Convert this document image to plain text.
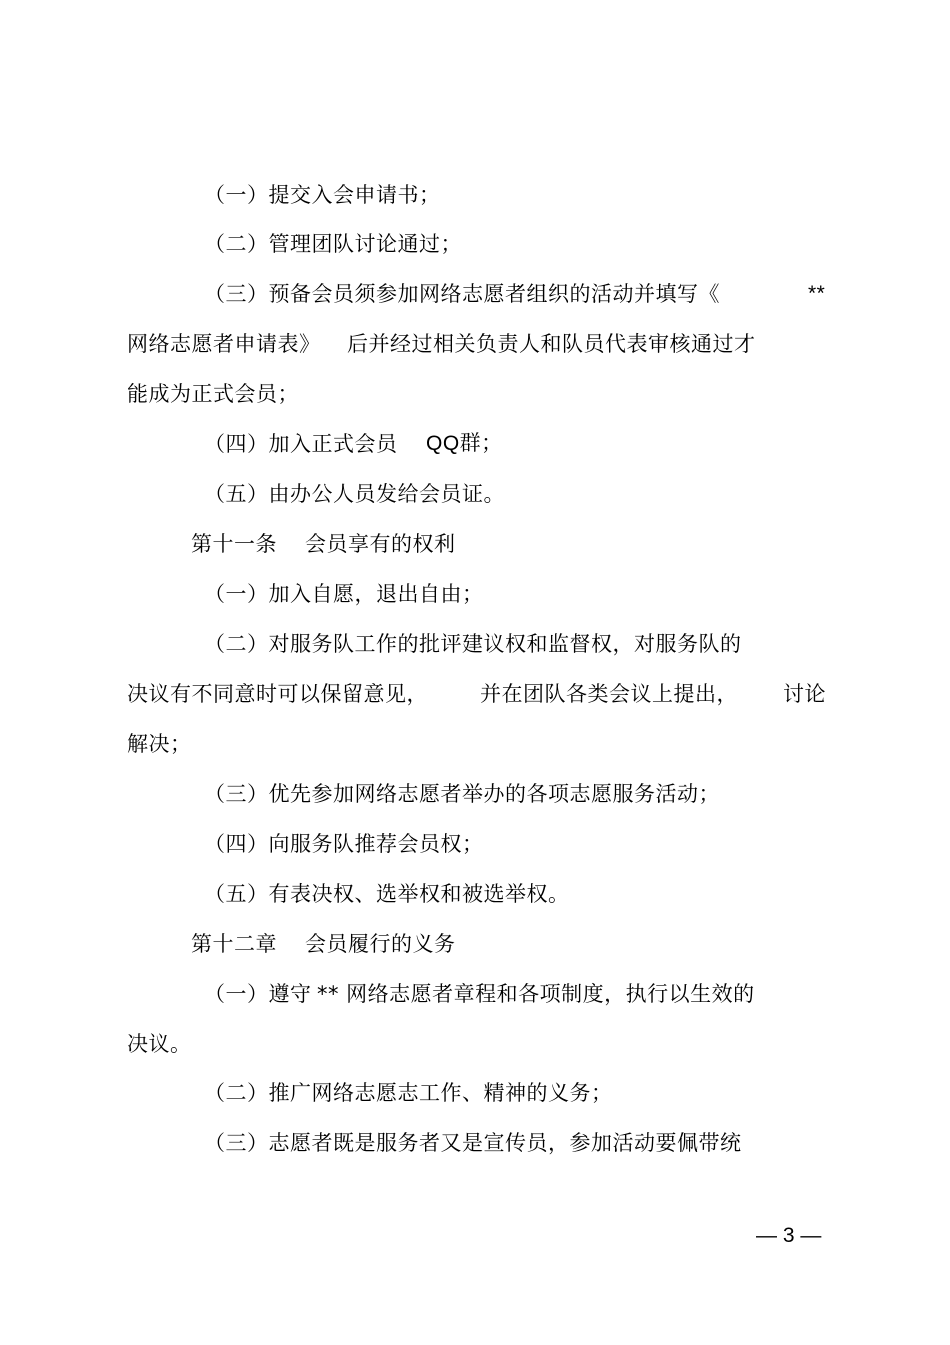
（一）提交入会申请书；
（二）管理团队讨论通过；
（三）预备会员须参加网络志愿者组织的活动并填写《	**
网络志愿者申请表》 后并经过相关负责人和队员代表审核通过才
能成为正式会员；
（四）加入正式会员 QQ群；
（五）由办公人员发给会员证。
第十一条 会员享有的权利
（一）加入自愿，退出自由；
（二）对服务队工作的批评建议权和监督权，对服务队的
决议有不同意时可以保留意见， 并在团队各类会议上提出， 讨论
解决；
（三）优先参加网络志愿者举办的各项志愿服务活动；
（四）向服务队推荐会员权；
（五）有表决权、选举权和被选举权。
第十二章 会员履行的义务
（一）遵守 ** 网络志愿者章程和各项制度，执行以生效的
决议。
（二）推广网络志愿志工作、精神的义务；
（三）志愿者既是服务者又是宣传员，参加活动要佩带统
— 3 —
